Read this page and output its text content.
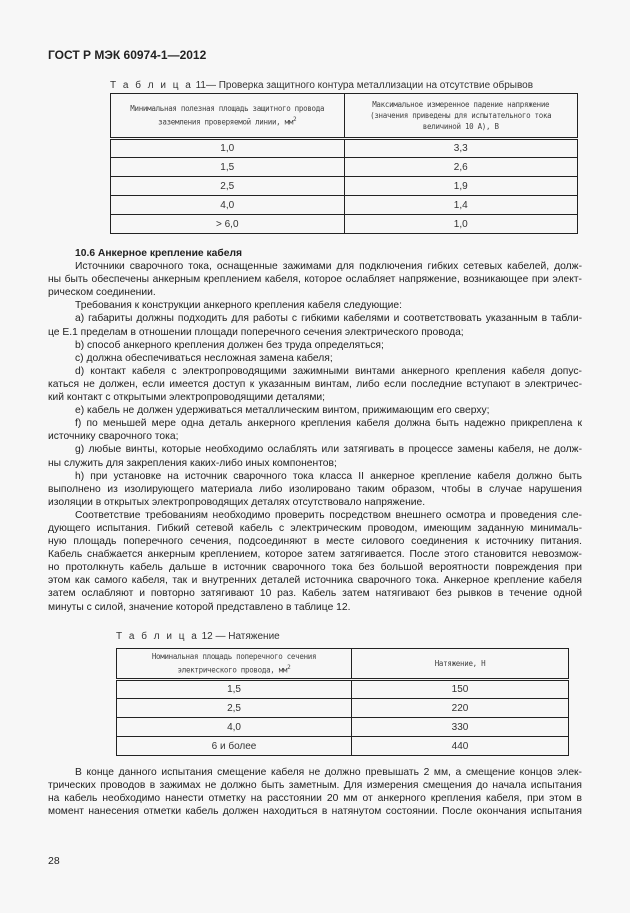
ГОСТ Р МЭК 60974-1—2012
Т а б л и ц а 11— Проверка защитного контура металлизации на отсутствие обрывов
Минимальная полезная площадь защитного провода заземления проверяемой линии, $мм^2$	Максимальное измеренное падение напряжение (значения приведены для испытательного тока величиной 10 А), В
1,0	3,3
1,5	2,6
2,5	1,9
4,0	1,4
> 6,0	1,0
10.6 Анкерное крепление кабеля
Источники сварочного тока, оснащенные зажимами для подключения гибких сетевых кабелей, долж-
ны быть обеспечены анкерным креплением кабеля, которое ослабляет напряжение, возникающее при элект-
рическом соединении.
Требования к конструкции анкерного крепления кабеля следующие:
а) габариты должны подходить для работы с гибкими кабелями и соответствовать указанным в табли-
це Е.1 пределам в отношении площади поперечного сечения электрического провода;
b) способ анкерного крепления должен без труда определяться;
c) должна обеспечиваться несложная замена кабеля;
d) контакт кабеля с электропроводящими зажимными винтами анкерного крепления кабеля допус-
каться не должен, если имеется доступ к указанным винтам, либо если последние вступают в электричес-
кий контакт с открытыми электропроводящими деталями;
е) кабель не должен удерживаться металлическим винтом, прижимающим его сверху;
f) по меньшей мере одна деталь анкерного крепления кабеля должна быть надежно прикреплена к
источнику сварочного тока;
g) любые винты, которые необходимо ослаблять или затягивать в процессе замены кабеля, не долж-
ны служить для закрепления каких-либо иных компонентов;
h) при установке на источник сварочного тока класса II анкерное крепление кабеля должно быть
выполнено из изолирующего материала либо изолировано таким образом, чтобы в случае нарушения
изоляции в открытых электропроводящих деталях отсутствовало напряжение.
Соответствие требованиям необходимо проверить посредством внешнего осмотра и проведения сле-
дующего испытания. Гибкий сетевой кабель с электрическим проводом, имеющим заданную минималь-
ную площадь поперечного сечения, подсоединяют в месте силового соединения к источнику питания.
Кабель снабжается анкерным креплением, которое затем затягивается. После этого становится невозмож-
но протолкнуть кабель дальше в источник сварочного тока без большой вероятности повреждения при
этом как самого кабеля, так и внутренних деталей источника сварочного тока. Анкерное крепление кабеля
затем ослабляют и повторно затягивают 10 раз. Кабель затем натягивают без рывков в течение одной
минуты с силой, значение которой представлено в таблице 12.
Т а б л и ц а 12 — Натяжение
Номинальная площадь поперечного сечения электрического провода, $мм^2$	Натяжение, Н
1,5	150
2,5	220
4,0	330
6 и более	440
В конце данного испытания смещение кабеля не должно превышать 2 мм, а смещение концов элек-
трических проводов в зажимах не должно быть заметным. Для измерения смещения до начала испытания
на кабель необходимо нанести отметку на расстоянии 20 мм от анкерного крепления кабеля, при этом в
момент нанесения отметки кабель должен находиться в натянутом состоянии. После окончания испытания
28
